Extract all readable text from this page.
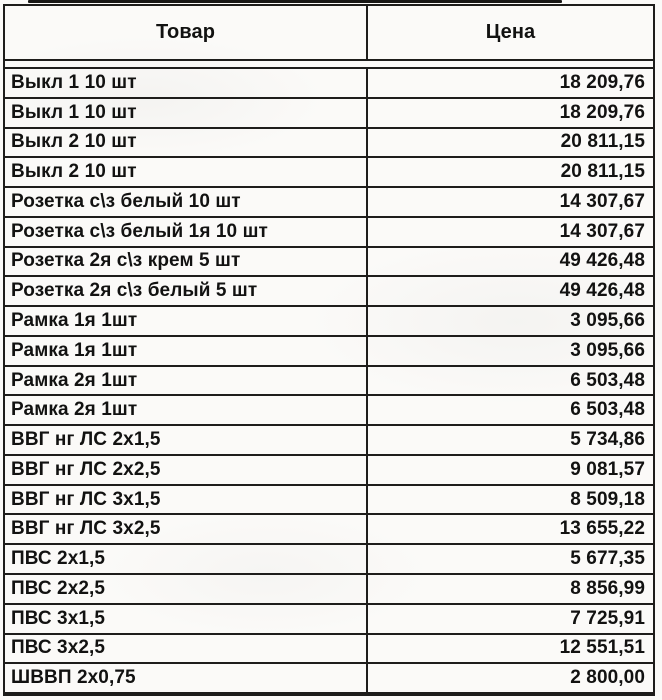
Товар	Цена
Выкл 1 10 шт	18 209,76
Выкл 1 10 шт	18 209,76
Выкл 2 10 шт	20 811,15
Выкл 2 10 шт	20 811,15
Розетка с\з белый 10 шт	14 307,67
Розетка с\з белый 1я 10 шт	14 307,67
Розетка 2я с\з крем 5 шт	49 426,48
Розетка 2я с\з белый 5 шт	49 426,48
Рамка 1я 1шт	3 095,66
Рамка 1я 1шт	3 095,66
Рамка 2я 1шт	6 503,48
Рамка 2я 1шт	6 503,48
ВВГ нг ЛС 2х1,5	5 734,86
ВВГ нг ЛС 2х2,5	9 081,57
ВВГ нг ЛС 3х1,5	8 509,18
ВВГ нг ЛС 3х2,5	13 655,22
ПВС 2х1,5	5 677,35
ПВС 2х2,5	8 856,99
ПВС 3х1,5	7 725,91
ПВС 3х2,5	12 551,51
ШВВП 2х0,75	2 800,00
